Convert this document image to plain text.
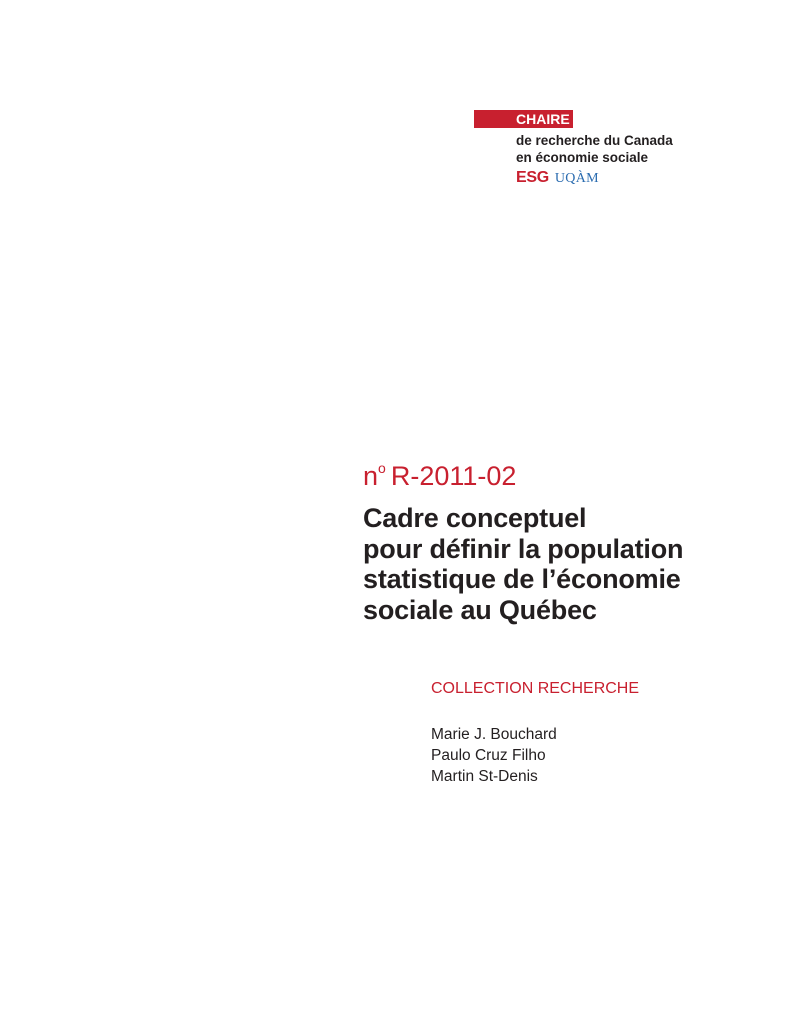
CHAIRE
de recherche du Canada
en économie sociale
ESG UQÀM
$n^o$ R-2011-02
Cadre conceptuel
pour définir la population
statistique de l’économie
sociale au Québec
COLLECTION RECHERCHE
Marie J. Bouchard
Paulo Cruz Filho
Martin St-Denis
